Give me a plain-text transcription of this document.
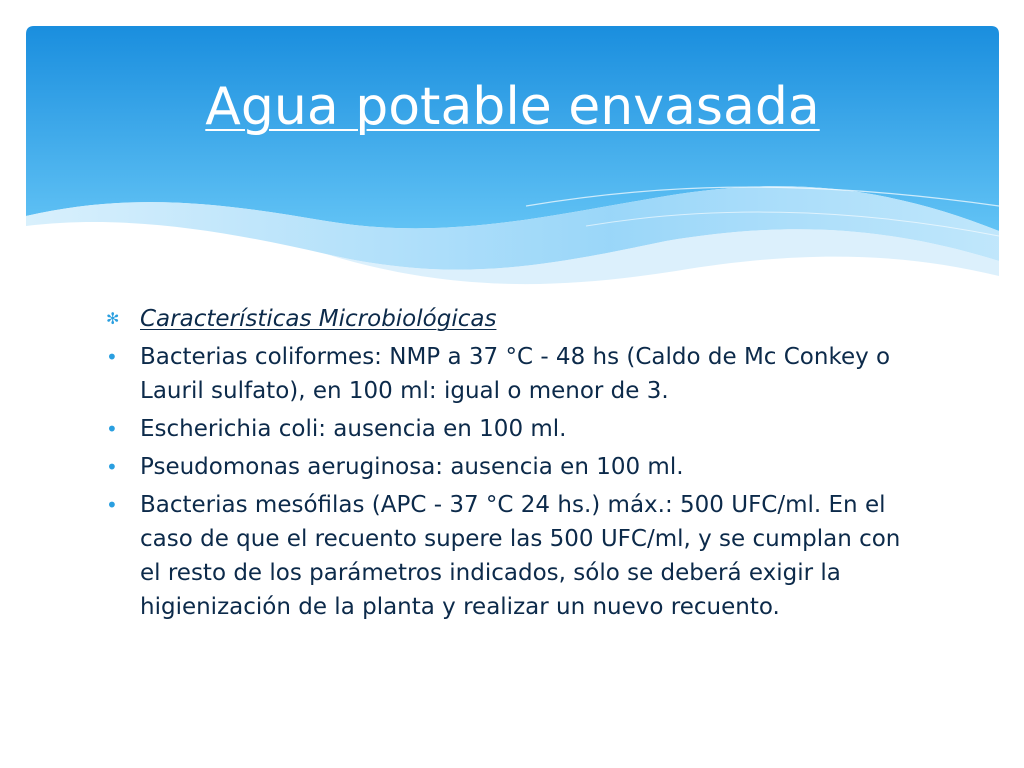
Agua potable envasada
✻ Características Microbiológicas
• Bacterias coliformes: NMP a 37 °C - 48 hs (Caldo de Mc Conkey o Lauril sulfato), en 100 ml: igual o menor de 3.
• Escherichia coli: ausencia en 100 ml.
• Pseudomonas aeruginosa: ausencia en 100 ml.
• Bacterias mesófilas (APC - 37 °C 24 hs.) máx.: 500 UFC/ml. En el caso de que el recuento supere las 500 UFC/ml, y se cumplan con el resto de los parámetros indicados, sólo se deberá exigir la higienización de la planta y realizar un nuevo recuento.
